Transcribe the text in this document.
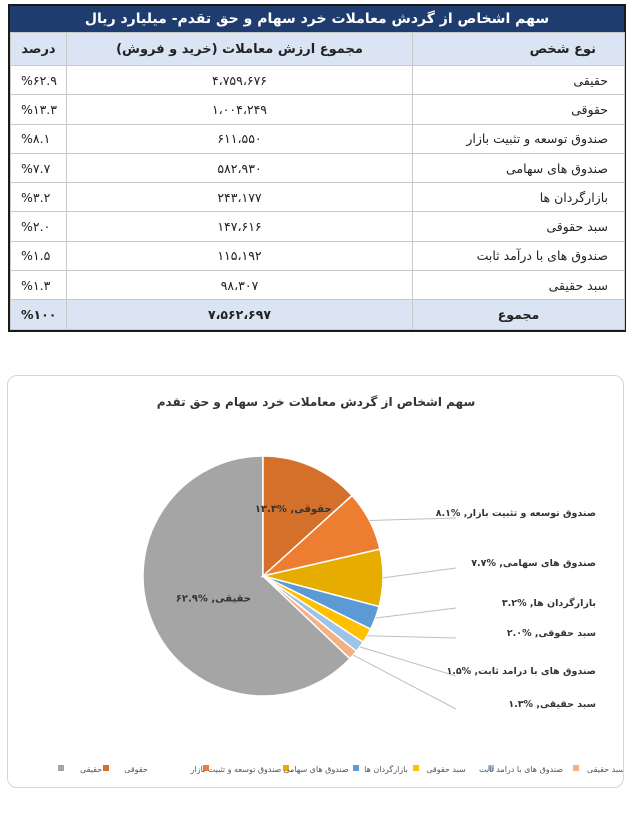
سهم اشخاص از گردش معاملات خرد سهام و حق تقدم- میلیارد ریال
نوع شخص	مجموع ارزش معاملات (خرید و فروش)	درصد
حقیقی	۴،۷۵۹،۶۷۶	%۶۲.۹
حقوقی	۱،۰۰۴،۲۴۹	%۱۳.۳
صندوق توسعه و تثبیت بازار	۶۱۱،۵۵۰	%۸.۱
صندوق های سهامی	۵۸۲،۹۳۰	%۷.۷
بازارگردان ها	۲۴۳،۱۷۷	%۳.۲
سبد حقوقی	۱۴۷،۶۱۶	%۲.۰
صندوق های با درآمد ثابت	۱۱۵،۱۹۲	%۱.۵
سبد حقیقی	۹۸،۳۰۷	%۱.۳
مجموع	۷،۵۶۲،۶۹۷	%۱۰۰
سهم اشخاص از گردش معاملات خرد سهام و حق تقدم
حقیقی, %۶۲.۹
حقوقی, %۱۳.۳	صندوق توسعه و تثبیت بازار, %۸.۱
صندوق های سهامی, %۷.۷
بازارگردان ها, %۳.۲
سبد حقوقی, %۲.۰
صندوق های با درامد ثابت, %۱.۵
سبد حقیقی, %۱.۳
حقیقی	حقوقی	صندوق توسعه و تثبیت بازار صندوق های سهامی بازارگردان ها سبد حقوقی صندوق های با درامد ثابت	سبد حقیقی
